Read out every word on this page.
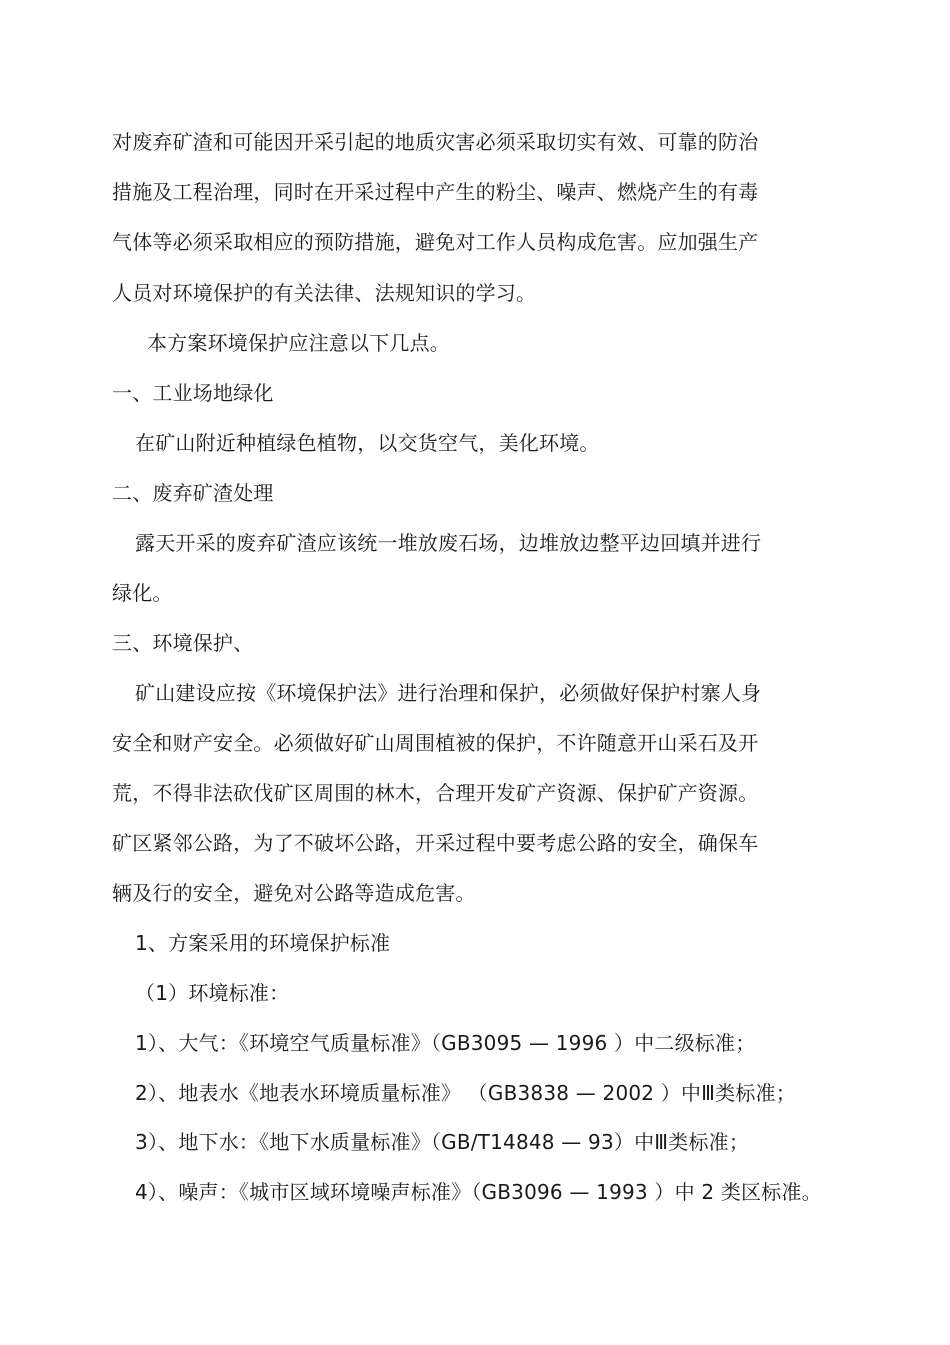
对废弃矿渣和可能因开采引起的地质灾害必须采取切实有效、可靠的防治
措施及工程治理，同时在开采过程中产生的粉尘、噪声、燃烧产生的有毒
气体等必须采取相应的预防措施，避免对工作人员构成危害。应加强生产
人员对环境保护的有关法律、法规知识的学习。
本方案环境保护应注意以下几点。
一、工业场地绿化
在矿山附近种植绿色植物，以交货空气，美化环境。
二、废弃矿渣处理
露天开采的废弃矿渣应该统一堆放废石场，边堆放边整平边回填并进行
绿化。
三、环境保护、
矿山建设应按《环境保护法》进行治理和保护，必须做好保护村寨人身
安全和财产安全。必须做好矿山周围植被的保护，不许随意开山采石及开
荒，不得非法砍伐矿区周围的林木，合理开发矿产资源、保护矿产资源。
矿区紧邻公路，为了不破坏公路，开采过程中要考虑公路的安全，确保车
辆及行的安全，避免对公路等造成危害。
1、方案采用的环境保护标准
（1）环境标准：
1）、大气：《环境空气质量标准》（GB3095 — 1996 ）中二级标准；
2）、地表水《地表水环境质量标准》 （GB3838 — 2002 ）中Ⅲ类标准；
3）、地下水：《地下水质量标准》（GB/T14848 — 93）中Ⅲ类标准；
4）、噪声：《城市区域环境噪声标准》（GB3096 — 1993 ）中 2 类区标准。
